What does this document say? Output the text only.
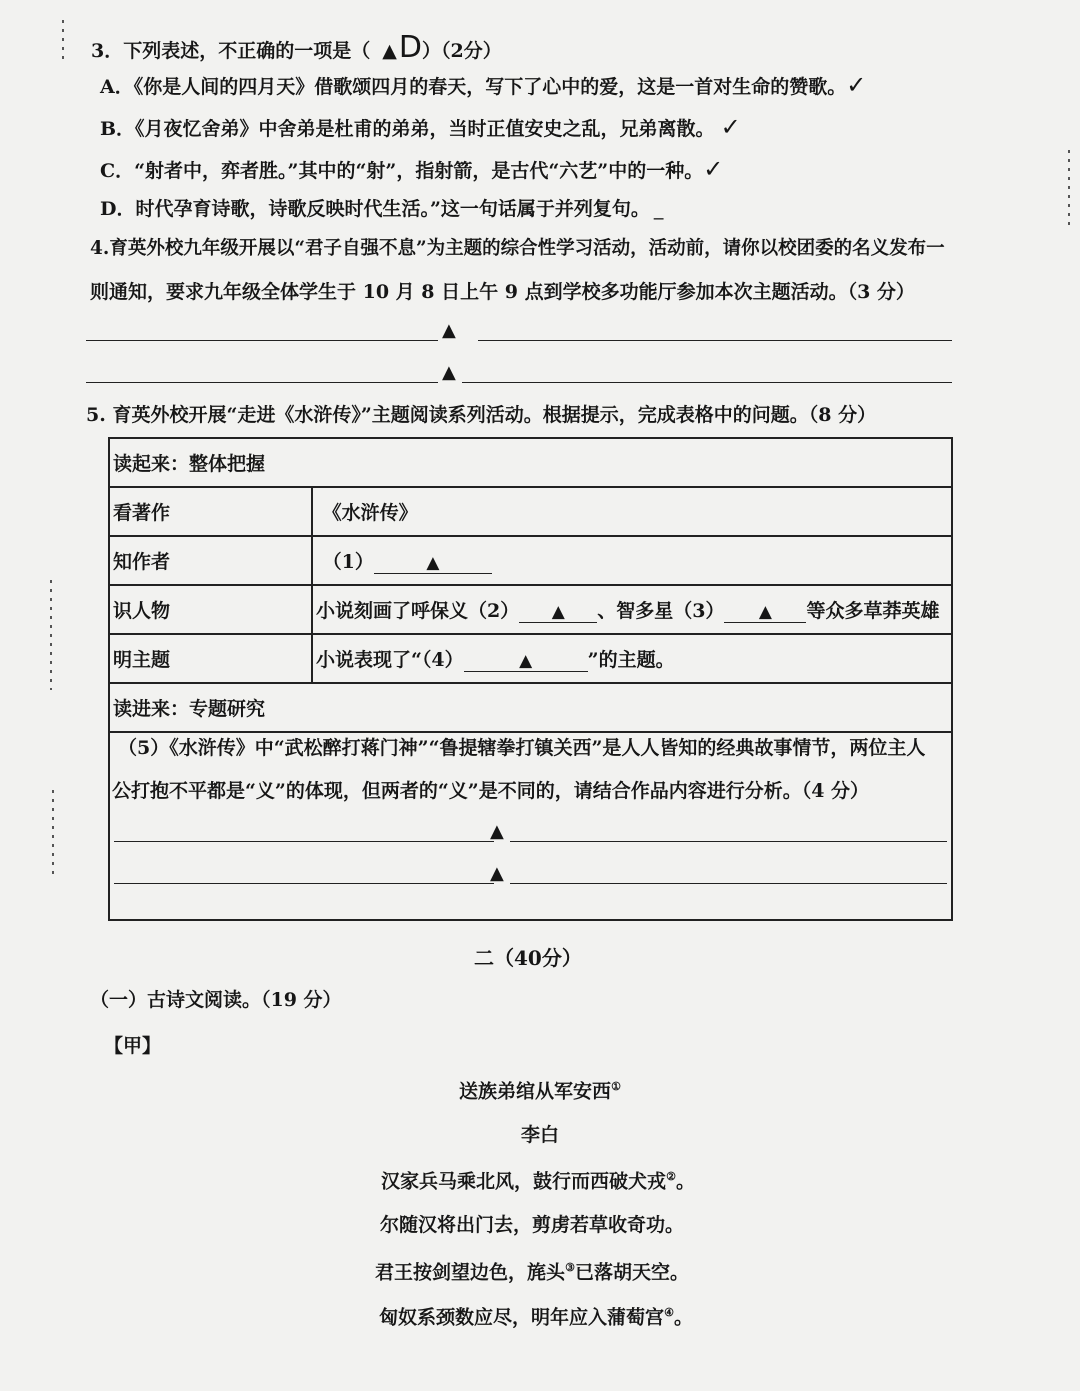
3．下列表述，不正确的一项是（ ▲D）（2分）
A．《你是人间的四月天》借歌颂四月的春天，写下了心中的爱，这是一首对生命的赞歌。✓
B．《月夜忆舍弟》中舍弟是杜甫的弟弟，当时正值安史之乱，兄弟离散。 ✓
C．“射者中，弈者胜。”其中的“射”，指射箭，是古代“六艺”中的一种。✓
D．时代孕育诗歌，诗歌反映时代生活。”这一句话属于并列复句。 _
4.育英外校九年级开展以“君子自强不息”为主题的综合性学习活动，活动前，请你以校团委的名义发布一
则通知，要求九年级全体学生于 10 月 8 日上午 9 点到学校多功能厅参加本次主题活动。（3 分）
▲
▲
5. 育英外校开展“走进《水浒传》”主题阅读系列活动。根据提示，完成表格中的问题。（8 分）
读起来：整体把握	
看著作	《水浒传》
知作者	（1） ▲
识人物	小说刻画了呼保义（2） ▲ 、智多星（3） ▲ 等众多草莽英雄
明主题	小说表现了“（4） ▲ ”的主题。
读进来：专题研究	

（5）《水浒传》中“武松醉打蒋门神”“鲁提辖拳打镇关西”是人人皆知的经典故事情节，两位主人
公打抱不平都是“义”的体现，但两者的“义”是不同的，请结合作品内容进行分析。（4 分）
▲
▲	
二（40分）
（一）古诗文阅读。（19 分）
【甲】
送族弟绾从军安西①
李白
汉家兵马乘北风，鼓行而西破犬戎②。
尔随汉将出门去，剪虏若草收奇功。
君王按剑望边色，旄头③已落胡天空。
匈奴系颈数应尽，明年应入蒲萄宫④。
